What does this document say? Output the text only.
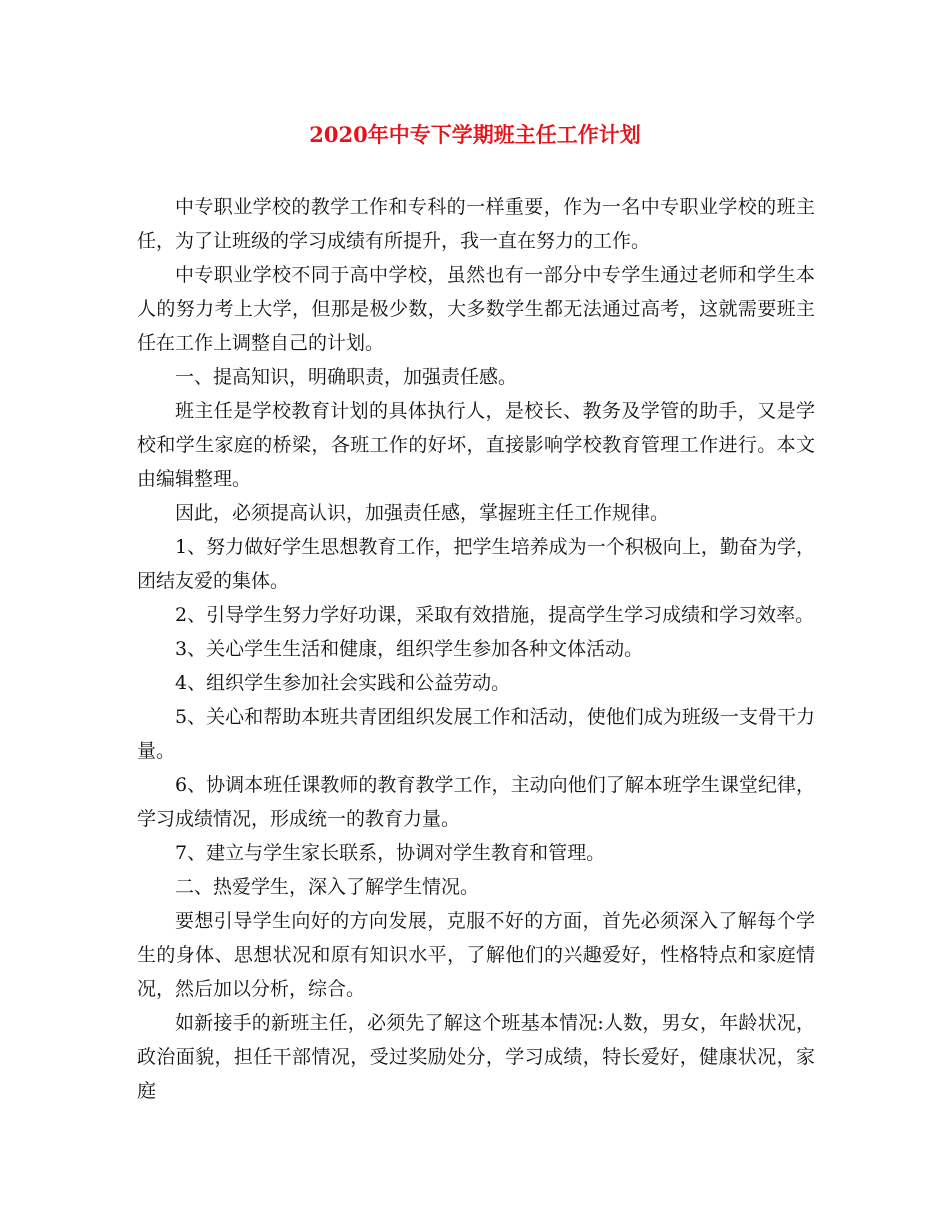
2020年中专下学期班主任工作计划

中专职业学校的教学工作和专科的一样重要，作为一名中专职业学校的班主任，为了让班级的学习成绩有所提升，我一直在努力的工作。

中专职业学校不同于高中学校，虽然也有一部分中专学生通过老师和学生本人的努力考上大学，但那是极少数，大多数学生都无法通过高考，这就需要班主任在工作上调整自己的计划。

一、提高知识，明确职责，加强责任感。

班主任是学校教育计划的具体执行人，是校长、教务及学管的助手，又是学校和学生家庭的桥梁，各班工作的好坏，直接影响学校教育管理工作进行。本文由编辑整理。

因此，必须提高认识，加强责任感，掌握班主任工作规律。

1、努力做好学生思想教育工作，把学生培养成为一个积极向上，勤奋为学，团结友爱的集体。

2、引导学生努力学好功课，采取有效措施，提高学生学习成绩和学习效率。

3、关心学生生活和健康，组织学生参加各种文体活动。

4、组织学生参加社会实践和公益劳动。

5、关心和帮助本班共青团组织发展工作和活动，使他们成为班级一支骨干力量。

6、协调本班任课教师的教育教学工作，主动向他们了解本班学生课堂纪律，学习成绩情况，形成统一的教育力量。

7、建立与学生家长联系，协调对学生教育和管理。

二、热爱学生，深入了解学生情况。

要想引导学生向好的方向发展，克服不好的方面，首先必须深入了解每个学生的身体、思想状况和原有知识水平，了解他们的兴趣爱好，性格特点和家庭情况，然后加以分析，综合。

如新接手的新班主任，必须先了解这个班基本情况:人数，男女，年龄状况，政治面貌，担任干部情况，受过奖励处分，学习成绩，特长爱好，健康状况，家庭
